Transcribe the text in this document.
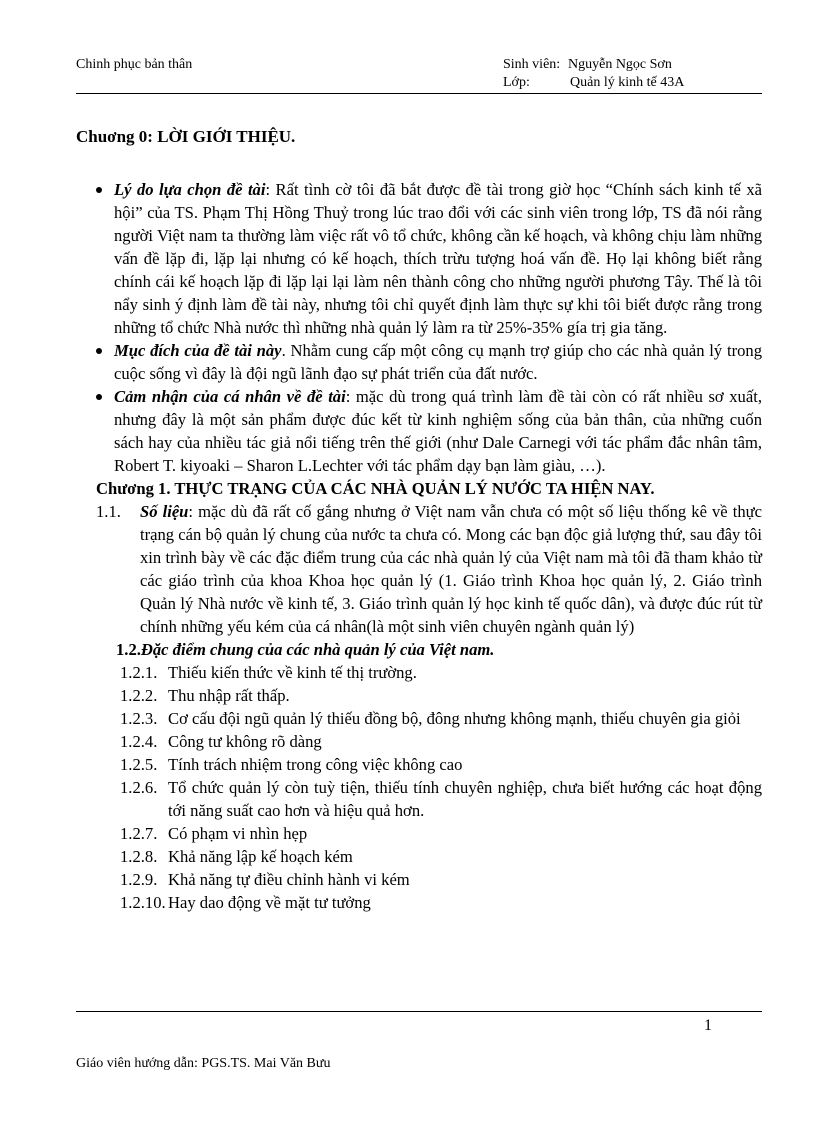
Chinh phục bản thân	Sinh viên: Nguyễn Ngọc Sơn
Lớp:	Quản lý kinh tế 43A
Chuơng 0: LỜI GIỚI THIỆU.
Lý do lựa chọn đề tài: Rất tình cờ tôi đã bắt được đề tài trong giờ học “Chính sách kinh tế xã hội” của TS. Phạm Thị Hồng Thuỷ trong lúc trao đổi với các sinh viên trong lớp, TS đã nói rằng người Việt nam ta thường làm việc rất vô tổ chức, không cần kế hoạch, và không chịu làm những vấn đề lặp đi, lặp lại nhưng có kế hoạch, thích trừu tượng hoá vấn đề. Họ lại không biết rằng chính cái kế hoạch lặp đi lặp lại lại làm nên thành công cho những người phương Tây. Thế là tôi nẩy sinh ý định làm đề tài này, nhưng tôi chỉ quyết định làm thực sự khi tôi biết được rằng trong những tổ chức Nhà nước thì những nhà quản lý làm ra từ 25%-35% gía trị gia tăng.
Mục đích của đề tài này. Nhằm cung cấp một công cụ mạnh trợ giúp cho các nhà quản lý trong cuộc sống vì đây là đội ngũ lãnh đạo sự phát triển của đất nước.
Cảm nhận của cá nhân về đề tài: mặc dù trong quá trình làm đề tài còn có rất nhiều sơ xuất, nhưng đây là một sản phẩm được đúc kết từ kinh nghiệm sống của bản thân, của những cuốn sách hay của nhiều tác giả nổi tiếng trên thế giới (như Dale Carnegi với tác phẩm đắc nhân tâm, Robert T. kiyoaki – Sharon L.Lechter với tác phẩm dạy bạn làm giàu, …).
Chương 1. THỰC TRẠNG CỦA CÁC NHÀ QUẢN LÝ NƯỚC TA HIỆN NAY.
1.1. Số liệu: mặc dù đã rất cố gắng nhưng ở Việt nam vẫn chưa có một số liệu thống kê về thực trạng cán bộ quản lý chung của nước ta chưa có. Mong các bạn độc giả lượng thứ, sau đây tôi xin trình bày về các đặc điểm trung của các nhà quản lý của Việt nam mà tôi đã tham khảo từ các giáo trình của khoa Khoa học quản lý (1. Giáo trình Khoa học quản lý, 2. Giáo trình Quản lý Nhà nước về kinh tế, 3. Giáo trình quản lý học kinh tế quốc dân), và được đúc rút từ chính những yếu kém của cá nhân(là một sinh viên chuyên ngành quản lý)
1.2.Đặc điểm chung của các nhà quản lý của Việt nam.
1.2.1. Thiếu kiến thức về kinh tế thị trường.
1.2.2. Thu nhập rất thấp.
1.2.3. Cơ cấu đội ngũ quản lý thiếu đồng bộ, đông nhưng không mạnh, thiếu chuyên gia giỏi
1.2.4. Công tư không rõ dàng
1.2.5. Tính trách nhiệm trong công việc không cao
1.2.6. Tổ chức quản lý còn tuỳ tiện, thiếu tính chuyên nghiệp, chưa biết hướng các hoạt động tới năng suất cao hơn và hiệu quả hơn.
1.2.7. Có phạm vi nhìn hẹp
1.2.8. Khả năng lập kế hoạch kém
1.2.9. Khả năng tự điều chỉnh hành vi kém
1.2.10. Hay dao động về mặt tư tưởng
1
Giáo viên hướng dẫn: PGS.TS. Mai Văn Bưu
